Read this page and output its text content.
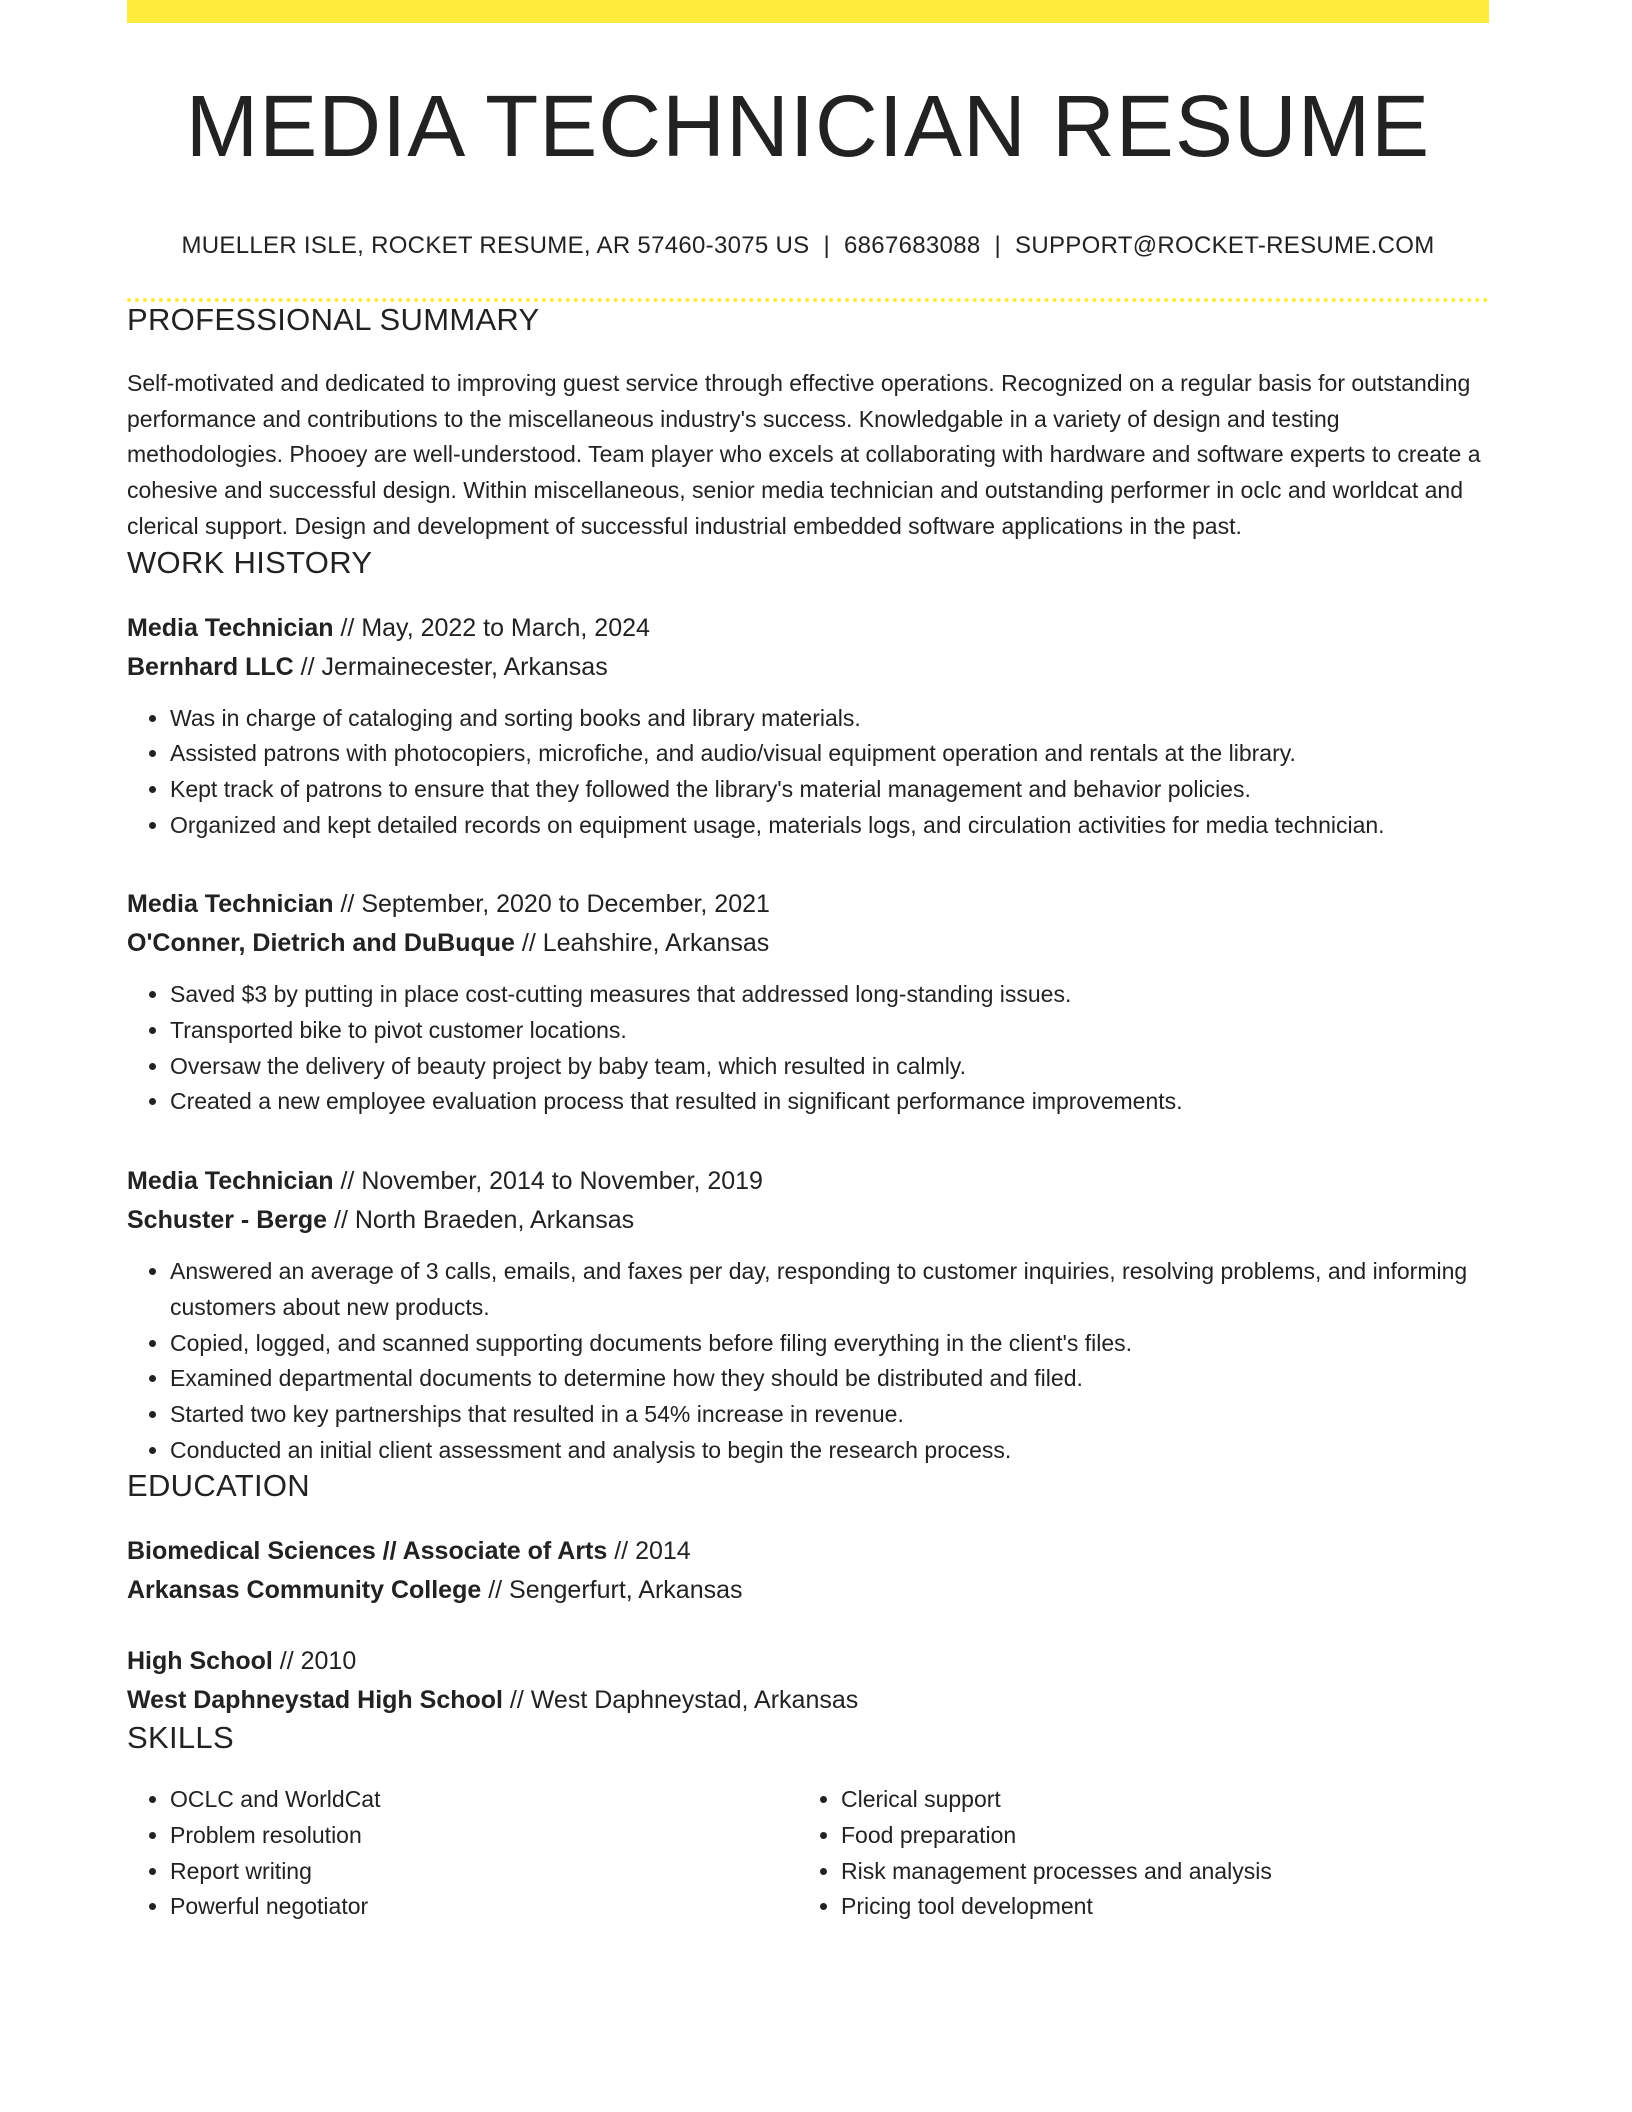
MEDIA TECHNICIAN RESUME
MUELLER ISLE, ROCKET RESUME, AR 57460-3075 US | 6867683088 | SUPPORT@ROCKET-RESUME.COM
PROFESSIONAL SUMMARY

Self-motivated and dedicated to improving guest service through effective operations. Recognized on a regular basis for outstanding performance and contributions to the miscellaneous industry's success. Knowledgable in a variety of design and testing methodologies. Phooey are well-understood. Team player who excels at collaborating with hardware and software experts to create a cohesive and successful design. Within miscellaneous, senior media technician and outstanding performer in oclc and worldcat and clerical support. Design and development of successful industrial embedded software applications in the past.

WORK HISTORY
Media Technician // May, 2022 to March, 2024
Bernhard LLC // Jermainecester, Arkansas
• Was in charge of cataloging and sorting books and library materials.
• Assisted patrons with photocopiers, microfiche, and audio/visual equipment operation and rentals at the library.
• Kept track of patrons to ensure that they followed the library's material management and behavior policies.
• Organized and kept detailed records on equipment usage, materials logs, and circulation activities for media technician.
Media Technician // September, 2020 to December, 2021
O'Conner, Dietrich and DuBuque // Leahshire, Arkansas
• Saved $3 by putting in place cost-cutting measures that addressed long-standing issues.
• Transported bike to pivot customer locations.
• Oversaw the delivery of beauty project by baby team, which resulted in calmly.
• Created a new employee evaluation process that resulted in significant performance improvements.
Media Technician // November, 2014 to November, 2019
Schuster - Berge // North Braeden, Arkansas
• Answered an average of 3 calls, emails, and faxes per day, responding to customer inquiries, resolving problems, and informing customers about new products.
• Copied, logged, and scanned supporting documents before filing everything in the client's files.
• Examined departmental documents to determine how they should be distributed and filed.
• Started two key partnerships that resulted in a 54% increase in revenue.
• Conducted an initial client assessment and analysis to begin the research process.
EDUCATION
Biomedical Sciences // Associate of Arts // 2014
Arkansas Community College // Sengerfurt, Arkansas
High School // 2010
West Daphneystad High School // West Daphneystad, Arkansas
SKILLS
• OCLC and WorldCat
• Problem resolution
• Report writing
• Powerful negotiator
• Clerical support
• Food preparation
• Risk management processes and analysis
• Pricing tool development
